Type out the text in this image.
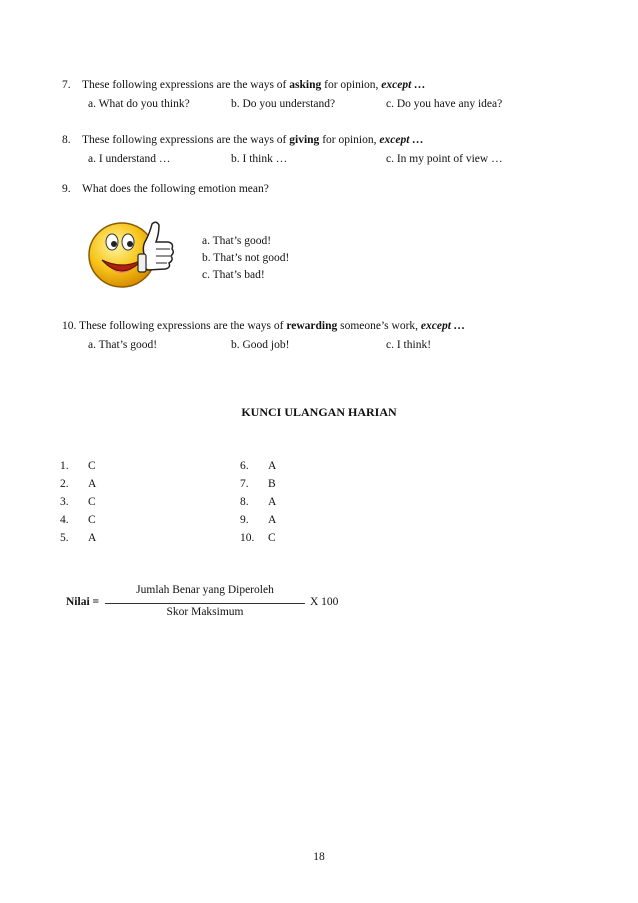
7. These following expressions are the ways of asking for opinion, except …
a. What do you think?	b. Do you understand?	c. Do you have any idea?
8. These following expressions are the ways of giving for opinion, except …
a. I understand …	b. I think …	c. In my point of view …
9. What does the following emotion mean?
a. That’s good!
b. That’s not good!
c. That’s bad!
10. These following expressions are the ways of rewarding someone’s work, except …
a. That’s good!	b. Good job!	c. I think!
KUNCI ULANGAN HARIAN
1. C
2. A
3. C
4. C
5. A
6. A
7. B
8. A
9. A
10. C
Nilai =
Jumlah Benar yang Diperoleh
Skor Maksimum
X 100
18
